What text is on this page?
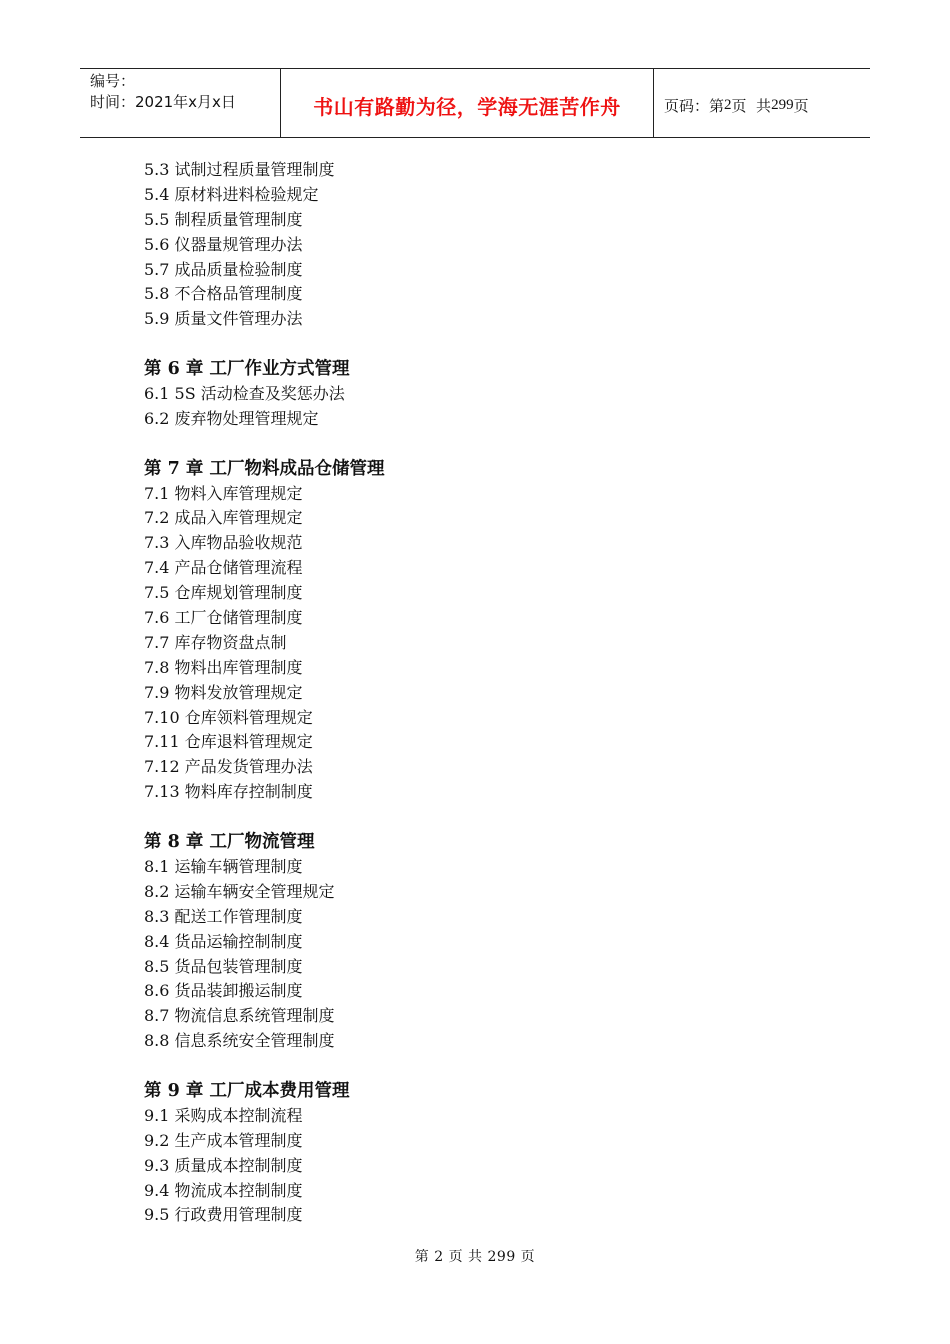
编号：
时间：2021年x月x日	书山有路勤为径，学海无涯苦作舟	页码：第 2 页  共 299 页
5.3 试制过程质量管理制度
5.4 原材料进料检验规定
5.5 制程质量管理制度
5.6 仪器量规管理办法
5.7 成品质量检验制度
5.8 不合格品管理制度
5.9 质量文件管理办法
第 6 章 工厂作业方式管理
6.1 5S 活动检查及奖惩办法
6.2 废弃物处理管理规定
第 7 章 工厂物料成品仓储管理
7.1 物料入库管理规定
7.2 成品入库管理规定
7.3 入库物品验收规范
7.4 产品仓储管理流程
7.5 仓库规划管理制度
7.6 工厂仓储管理制度
7.7 库存物资盘点制
7.8 物料出库管理制度
7.9 物料发放管理规定
7.10 仓库领料管理规定
7.11 仓库退料管理规定
7.12 产品发货管理办法
7.13 物料库存控制制度
第 8 章 工厂物流管理
8.1 运输车辆管理制度
8.2 运输车辆安全管理规定
8.3 配送工作管理制度
8.4 货品运输控制制度
8.5 货品包装管理制度
8.6 货品装卸搬运制度
8.7 物流信息系统管理制度
8.8 信息系统安全管理制度
第 9 章 工厂成本费用管理
9.1 采购成本控制流程
9.2 生产成本管理制度
9.3 质量成本控制制度
9.4 物流成本控制制度
9.5 行政费用管理制度
第 2 页 共 299 页
